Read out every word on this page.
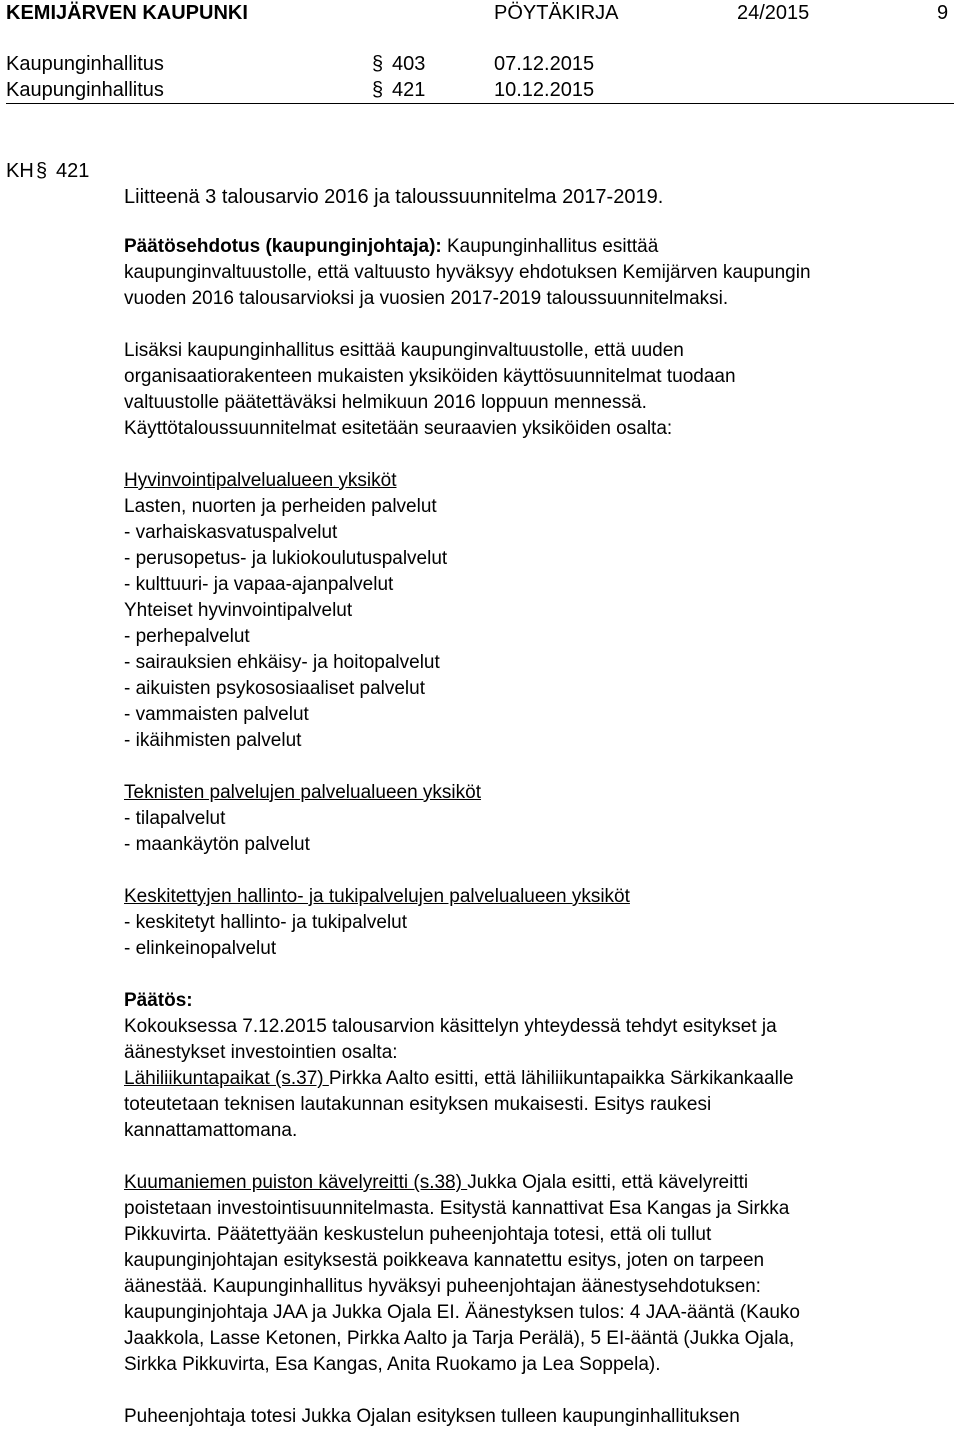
KEMIJÄRVEN KAUPUNKI	PÖYTÄKIRJA	24/2015	9
Kaupunginhallitus	§ 403	07.12.2015
Kaupunginhallitus	§ 421	10.12.2015
KH § 421
Liitteenä 3 talousarvio 2016 ja taloussuunnitelma 2017-2019.

Päätösehdotus (kaupunginjohtaja): Kaupunginhallitus esittää
kaupunginvaltuustolle, että valtuusto hyväksyy ehdotuksen Kemijärven kaupungin
vuoden 2016 talousarvioksi ja vuosien 2017-2019 taloussuunnitelmaksi.

Lisäksi kaupunginhallitus esittää kaupunginvaltuustolle, että uuden
organisaatiorakenteen mukaisten yksiköiden käyttösuunnitelmat tuodaan
valtuustolle päätettäväksi helmikuun 2016 loppuun mennessä.
Käyttötaloussuunnitelmat esitetään seuraavien yksiköiden osalta:

Hyvinvointipalvelualueen yksiköt
Lasten, nuorten ja perheiden palvelut
- varhaiskasvatuspalvelut
- perusopetus- ja lukiokoulutuspalvelut
- kulttuuri- ja vapaa-ajanpalvelut
Yhteiset hyvinvointipalvelut
- perhepalvelut
- sairauksien ehkäisy- ja hoitopalvelut
- aikuisten psykososiaaliset palvelut
- vammaisten palvelut
- ikäihmisten palvelut
Teknisten palvelujen palvelualueen yksiköt
- tilapalvelut
- maankäytön palvelut
Keskitettyjen hallinto- ja tukipalvelujen palvelualueen yksiköt
- keskitetyt hallinto- ja tukipalvelut
- elinkeinopalvelut
Päätös:
Kokouksessa 7.12.2015 talousarvion käsittelyn yhteydessä tehdyt esitykset ja
äänestykset investointien osalta:
Lähiliikuntapaikat (s.37) Pirkka Aalto esitti, että lähiliikuntapaikka Särkikankaalle
toteutetaan teknisen lautakunnan esityksen mukaisesti. Esitys raukesi
kannattamattomana.
Kuumaniemen puiston kävelyreitti (s.38) Jukka Ojala esitti, että kävelyreitti
poistetaan investointisuunnitelmasta. Esitystä kannattivat Esa Kangas ja Sirkka
Pikkuvirta. Päätettyään keskustelun puheenjohtaja totesi, että oli tullut
kaupunginjohtajan esityksestä poikkeava kannatettu esitys, joten on tarpeen
äänestää. Kaupunginhallitus hyväksyi puheenjohtajan äänestysehdotuksen:
kaupunginjohtaja JAA ja Jukka Ojala EI. Äänestyksen tulos: 4 JAA-ääntä (Kauko
Jaakkola, Lasse Ketonen, Pirkka Aalto ja Tarja Perälä), 5 EI-ääntä (Jukka Ojala,
Sirkka Pikkuvirta, Esa Kangas, Anita Ruokamo ja Lea Soppela).
Puheenjohtaja totesi Jukka Ojalan esityksen tulleen kaupunginhallituksen
